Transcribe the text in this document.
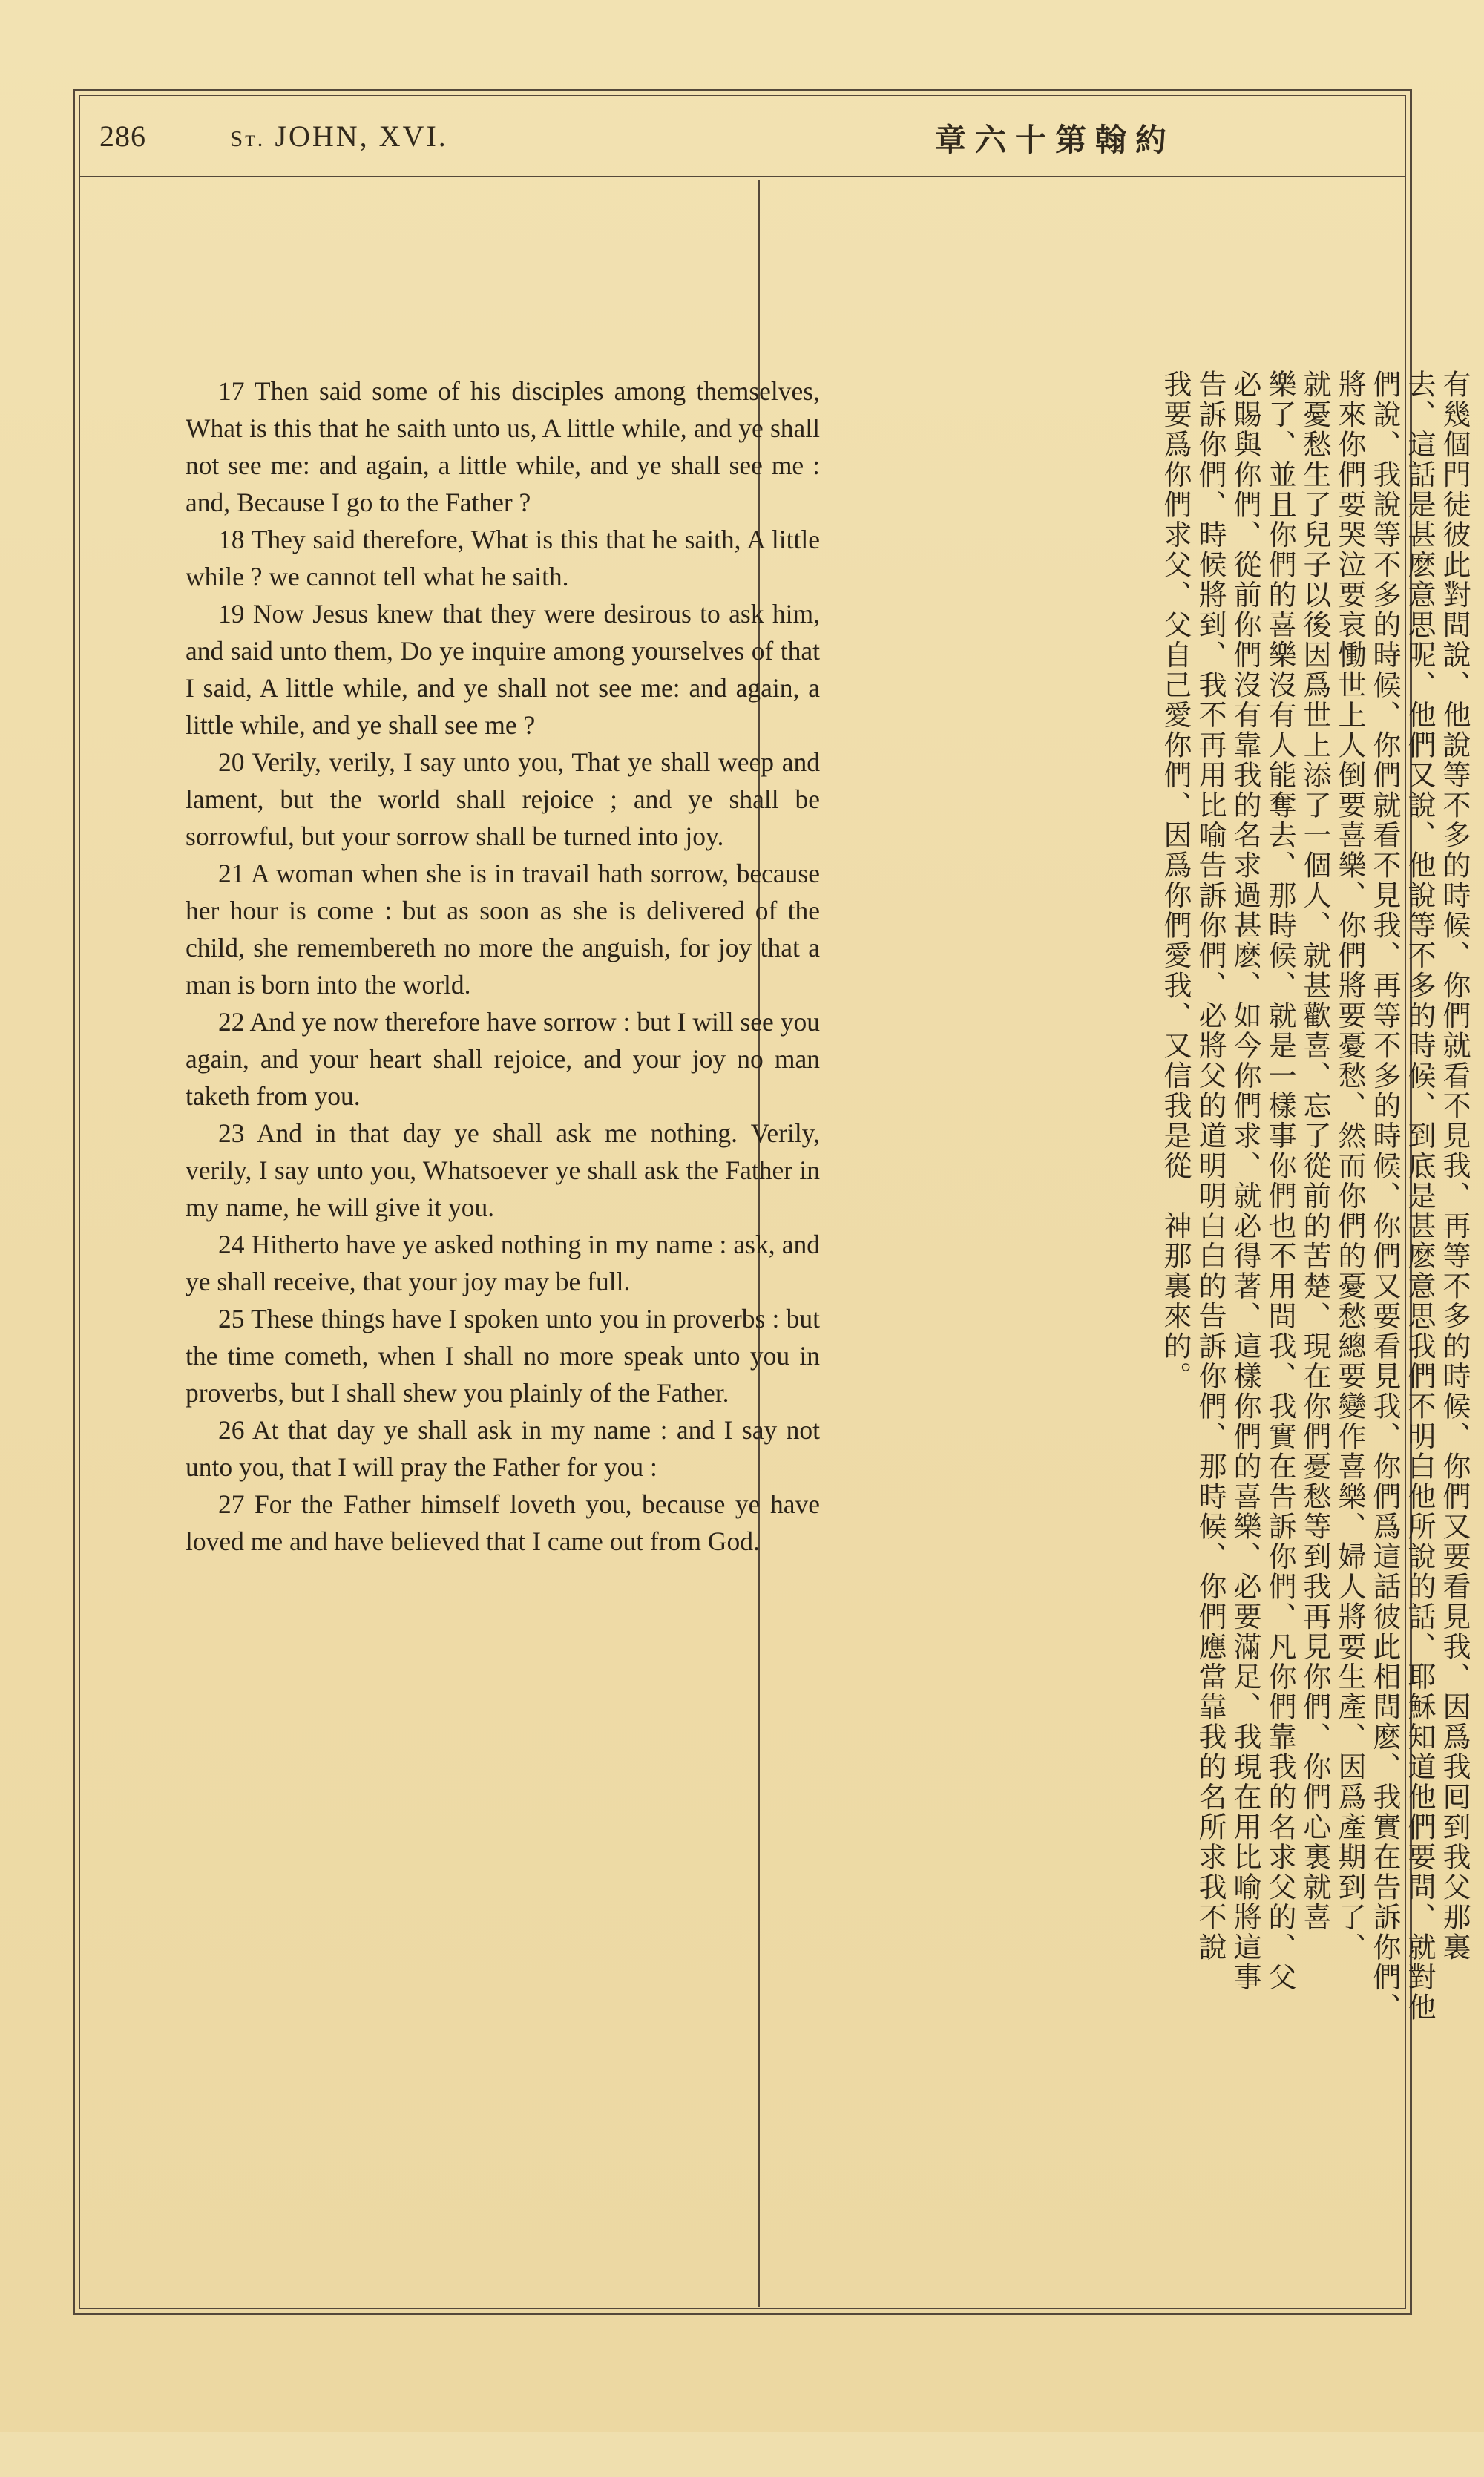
286	St. JOHN, XVI.	章六十第翰約

17 Then said some of his disciples among themselves, What is this that he saith unto us, A little while, and ye shall not see me: and again, a little while, and ye shall see me : and, Because I go to the Father ?

18 They said therefore, What is this that he saith, A little while ? we cannot tell what he saith.

19 Now Jesus knew that they were desirous to ask him, and said unto them, Do ye inquire among yourselves of that I said, A little while, and ye shall not see me: and again, a little while, and ye shall see me ?

20 Verily, verily, I say unto you, That ye shall weep and lament, but the world shall rejoice ; and ye shall be sorrowful, but your sorrow shall be turned into joy.

21 A woman when she is in travail hath sorrow, because her hour is come : but as soon as she is delivered of the child, she remembereth no more the anguish, for joy that a man is born into the world.

22 And ye now therefore have sorrow : but I will see you again, and your heart shall rejoice, and your joy no man taketh from you.

23 And in that day ye shall ask me nothing. Verily, verily, I say unto you, Whatsoever ye shall ask the Father in my name, he will give it you.

24 Hitherto have ye asked nothing in my name : ask, and ye shall receive, that your joy may be full.

25 These things have I spoken unto you in proverbs : but the time cometh, when I shall no more speak unto you in proverbs, but I shall shew you plainly of the Father.

26 At that day ye shall ask in my name : and I say not unto you, that I will pray the Father for you :

27 For the Father himself loveth you, because ye have loved me and have believed that I came out from God.	有幾個門徒彼此對問說、他說等不多的時候、你們就看不見我、再等不多的時候、你們又要看見我、因爲我囘到我父那裏
去、這話是甚麽意思呢、他們又說、他說等不多的時候、到底是甚麽意思我們不明白他所說的話、耶穌知道他們要問、就對他
們說、我說等不多的時候、你們就看不見我、再等不多的時候、你們又要看見我、你們爲這話彼此相問麽、我實在告訴你們、
將來你們要哭泣要哀慟世上人倒要喜樂、你們將要憂愁、然而你們的憂愁總要變作喜樂、婦人將要生產、因爲產期到了、
就憂愁生了兒子以後因爲世上添了一個人、就甚歡喜、忘了從前的苦楚、現在你們憂愁等到我再見你們、你們心裏就喜
樂了、並且你們的喜樂沒有人能奪去、那時候、就是一樣事你們也不用問我、我實在告訴你們、凡你們靠我的名求父的、父
必賜與你們、從前你們沒有靠我的名求過甚麽、如今你們求、就必得著、這樣你們的喜樂、必要滿足、我現在用比喻將這事
告訴你們、時候將到、我不再用比喻告訴你們、必將父的道明明白白的告訴你們、那時候、你們應當靠我的名所求我不說
我要爲你們求父、父自己愛你們、因爲你們愛我、又信我是從　神那裏來的。
